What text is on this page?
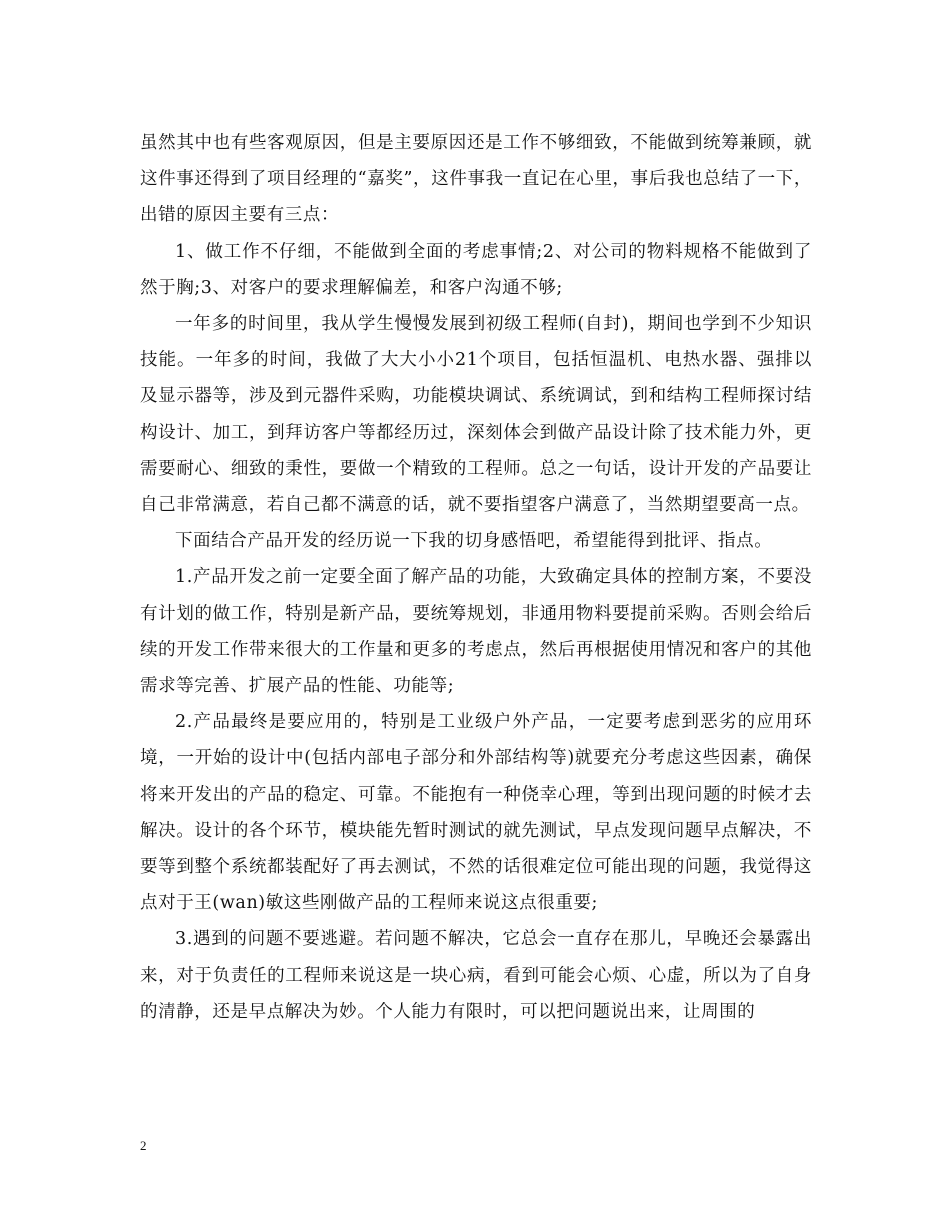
虽然其中也有些客观原因，但是主要原因还是工作不够细致，不能做到统筹兼顾，就这件事还得到了项目经理的“嘉奖”，这件事我一直记在心里，事后我也总结了一下，出错的原因主要有三点：

1、做工作不仔细，不能做到全面的考虑事情;2、对公司的物料规格不能做到了然于胸;3、对客户的要求理解偏差，和客户沟通不够;

一年多的时间里，我从学生慢慢发展到初级工程师(自封)，期间也学到不少知识技能。一年多的时间，我做了大大小小21个项目，包括恒温机、电热水器、强排以及显示器等，涉及到元器件采购，功能模块调试、系统调试，到和结构工程师探讨结构设计、加工，到拜访客户等都经历过，深刻体会到做产品设计除了技术能力外，更需要耐心、细致的秉性，要做一个精致的工程师。总之一句话，设计开发的产品要让自己非常满意，若自己都不满意的话，就不要指望客户满意了，当然期望要高一点。

下面结合产品开发的经历说一下我的切身感悟吧，希望能得到批评、指点。

1.产品开发之前一定要全面了解产品的功能，大致确定具体的控制方案，不要没有计划的做工作，特别是新产品，要统筹规划，非通用物料要提前采购。否则会给后续的开发工作带来很大的工作量和更多的考虑点，然后再根据使用情况和客户的其他需求等完善、扩展产品的性能、功能等;

2.产品最终是要应用的，特别是工业级户外产品，一定要考虑到恶劣的应用环境，一开始的设计中(包括内部电子部分和外部结构等)就要充分考虑这些因素，确保将来开发出的产品的稳定、可靠。不能抱有一种侥幸心理，等到出现问题的时候才去解决。设计的各个环节，模块能先暂时测试的就先测试，早点发现问题早点解决，不要等到整个系统都装配好了再去测试，不然的话很难定位可能出现的问题，我觉得这点对于王(wan)敏这些刚做产品的工程师来说这点很重要;

3.遇到的问题不要逃避。若问题不解决，它总会一直存在那儿，早晚还会暴露出来，对于负责任的工程师来说这是一块心病，看到可能会心烦、心虚，所以为了自身的清静，还是早点解决为妙。个人能力有限时，可以把问题说出来，让周围的

2
